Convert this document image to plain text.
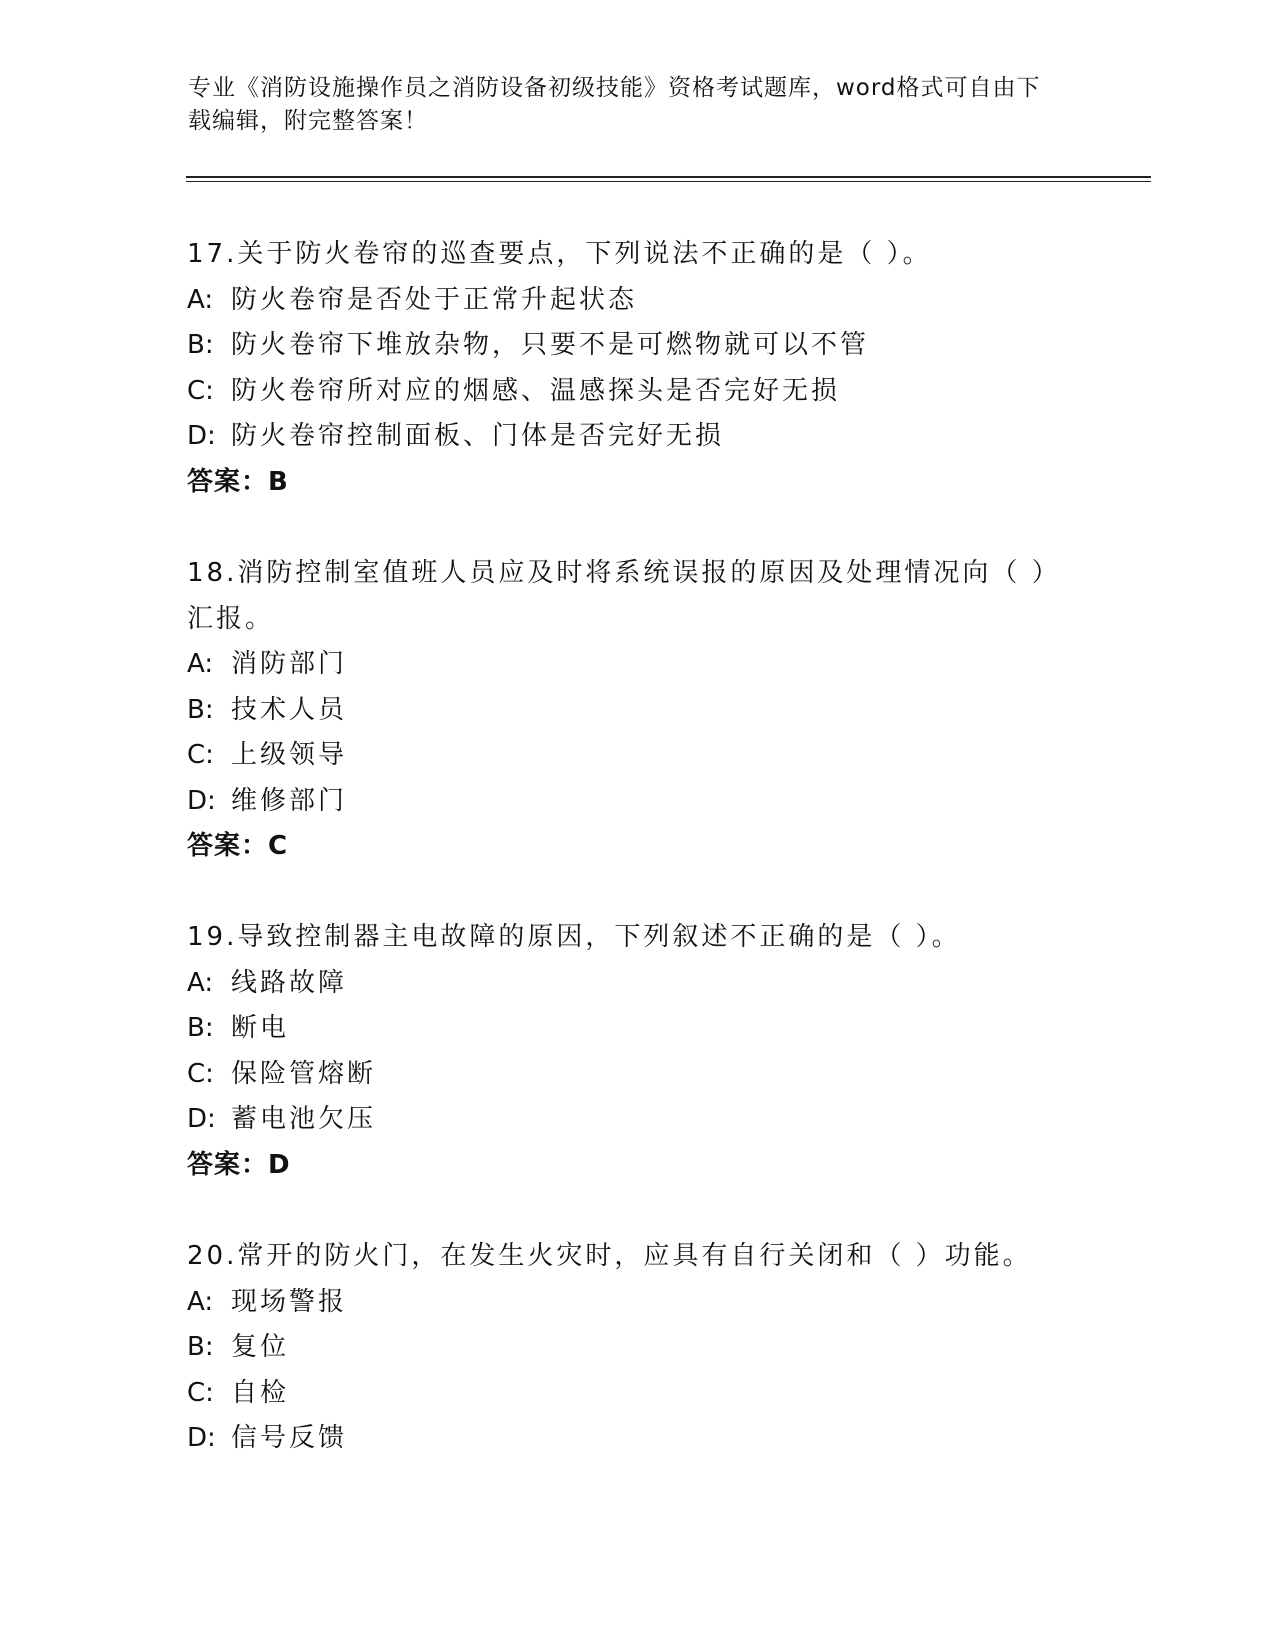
专业《消防设施操作员之消防设备初级技能》资格考试题库，word格式可自由下
载编辑，附完整答案！
17.关于防火卷帘的巡查要点，下列说法不正确的是（ ）。
A: 防火卷帘是否处于正常升起状态
B: 防火卷帘下堆放杂物，只要不是可燃物就可以不管
C: 防火卷帘所对应的烟感、温感探头是否完好无损
D: 防火卷帘控制面板、门体是否完好无损
答案：B
18.消防控制室值班人员应及时将系统误报的原因及处理情况向（ ）
汇报。
A: 消防部门
B: 技术人员
C: 上级领导
D: 维修部门
答案：C
19.导致控制器主电故障的原因，下列叙述不正确的是（ ）。
A: 线路故障
B: 断电
C: 保险管熔断
D: 蓄电池欠压
答案：D
20.常开的防火门，在发生火灾时，应具有自行关闭和（ ）功能。
A: 现场警报
B: 复位
C: 自检
D: 信号反馈
